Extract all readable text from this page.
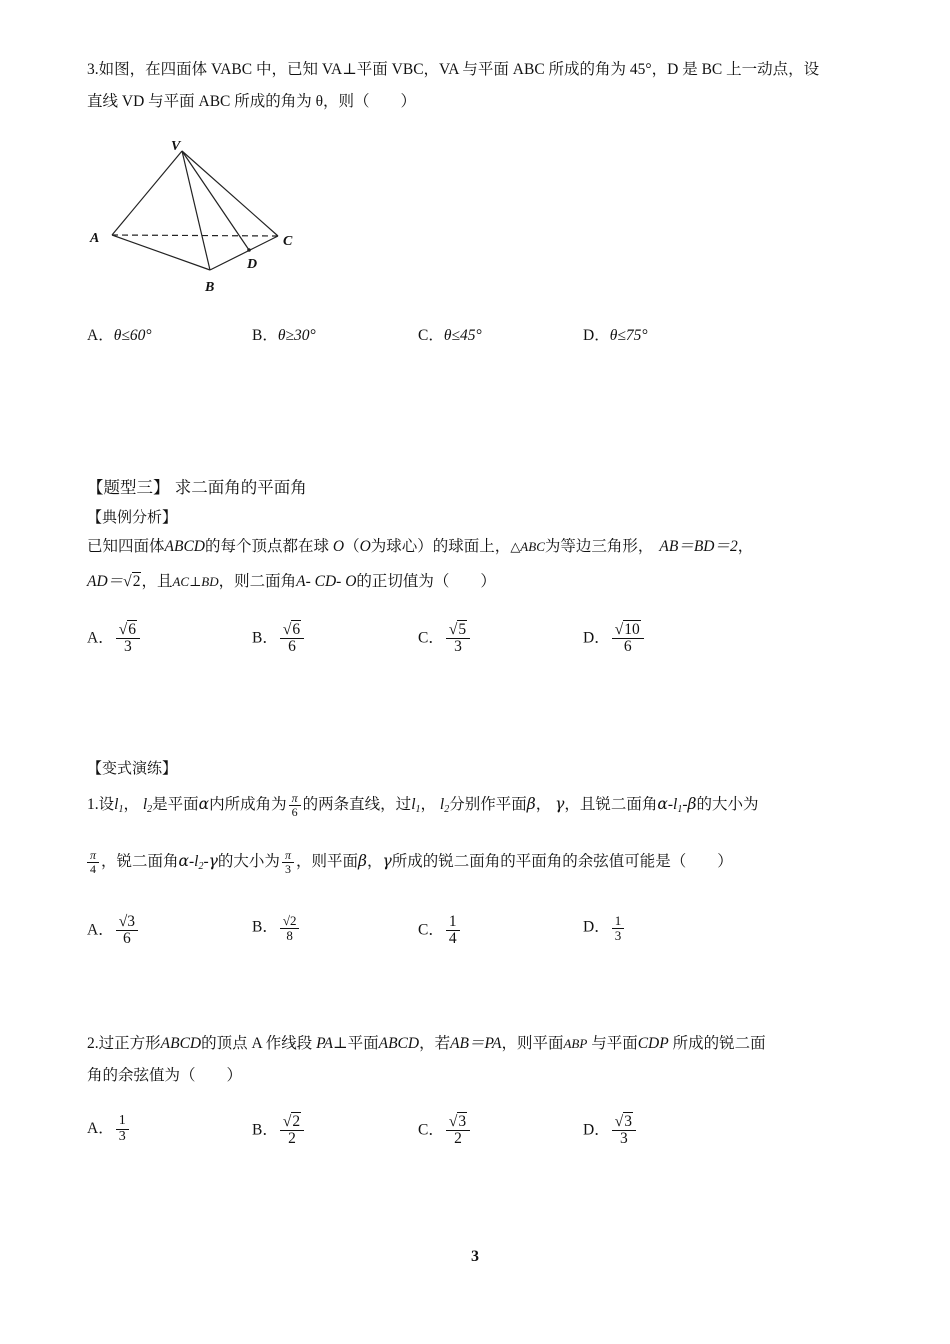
3.如图，在四面体 VABC 中，已知 VA⊥平面 VBC，VA 与平面 ABC 所成的角为 45°，D 是 BC 上一动点，设
直线 VD 与平面 ABC 所成的角为 θ，则（　　）
V
A	C
D
B
A．θ≤60°	B．θ≥30°	C．θ≤45°	D．θ≤75°
【题型三】 求二面角的平面角
【典例分析】
已知四面体ABCD的每个顶点都在球 O（O为球心）的球面上，△ABC为等边三角形， AB＝BD＝2，
AD＝√2，且AC⊥BD，则二面角A- CD- O的正切值为（　　）
A． $\frac{√6}{3}$	B． $\frac{√6}{6}$	C． $\frac{√5}{3}$	D． $\frac{√10}{6}$
【变式演练】
1.设l1， l2是平面α内所成角为 $\frac{\pi}{6}$ 的两条直线，过l1， l2分别作平面β， γ，且锐二面角α-l1-β的大小为
$\frac{\pi}{4}$ ，锐二面角α-l2-γ的大小为 $\frac{\pi}{3}$ ，则平面β，γ所成的锐二面角的平面角的余弦值可能是（　　）
A． $\frac{√3}{6}$	B． $\frac{√2}{8}$	C． $\frac{1}{4}$	D． $\frac{1}{3}$
2.过正方形ABCD的顶点 A 作线段 PA⊥平面ABCD，若AB＝PA，则平面ABP 与平面CDP 所成的锐二面
角的余弦值为（　　）
A． $\frac{1}{3}$	B． $\frac{√2}{2}$	C． $\frac{√3}{2}$	D． $\frac{√3}{3}$
3
